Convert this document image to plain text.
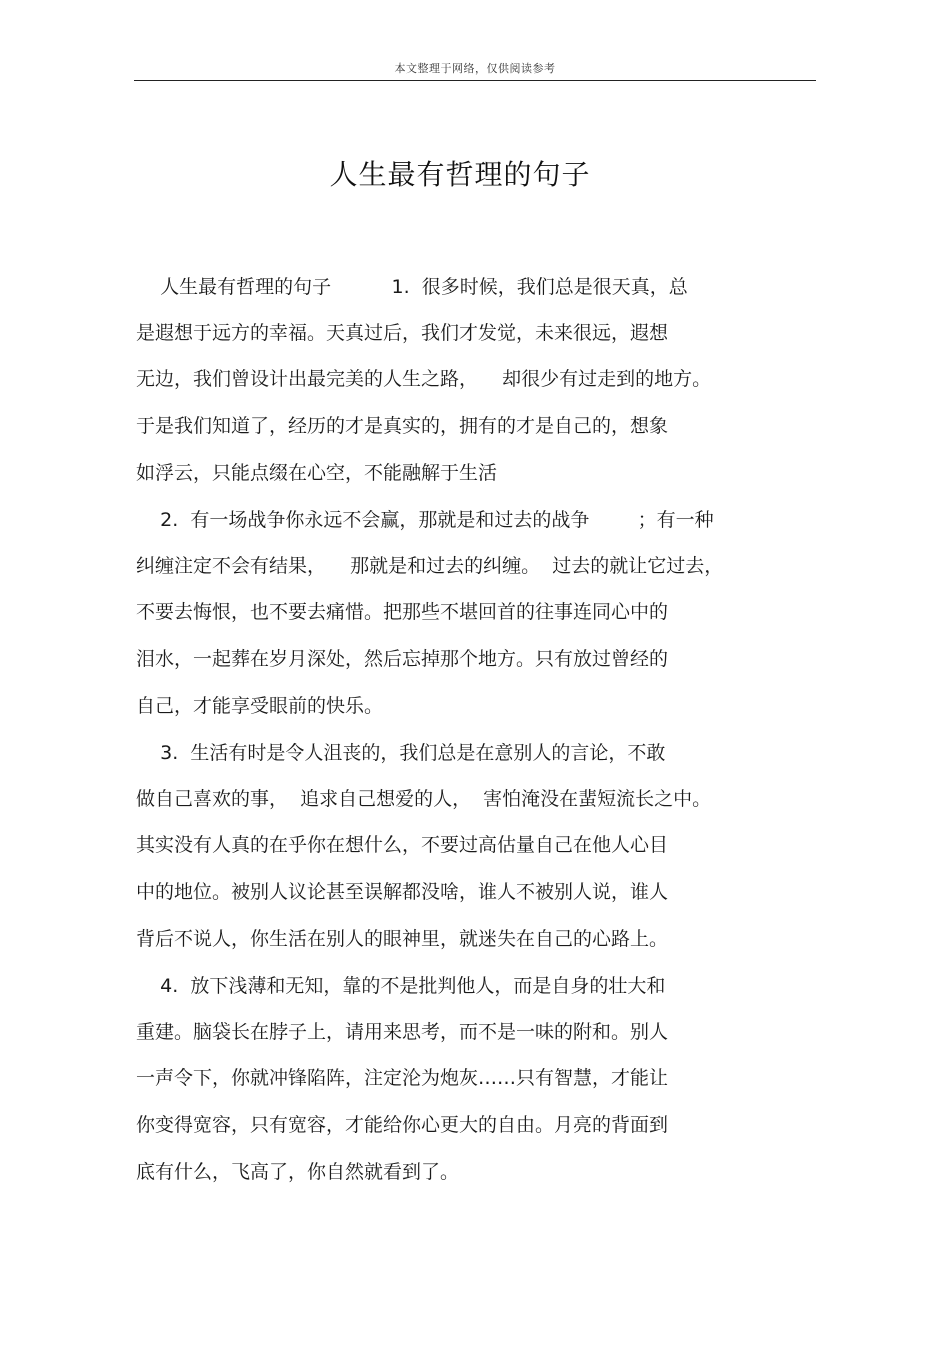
本文整理于网络，仅供阅读参考
人生最有哲理的句子
人生最有哲理的句子          1.  很多时候，我们总是很天真，总
是遐想于远方的幸福。天真过后，我们才发觉，未来很远，遐想
无边，我们曾设计出最完美的人生之路，    却很少有过走到的地方。
于是我们知道了，经历的才是真实的，拥有的才是自己的，想象
如浮云，只能点缀在心空，不能融解于生活
2.  有一场战争你永远不会赢，那就是和过去的战争        ；有一种
纠缠注定不会有结果，    那就是和过去的纠缠。  过去的就让它过去，
不要去悔恨，也不要去痛惜。把那些不堪回首的往事连同心中的
泪水，一起葬在岁月深处，然后忘掉那个地方。只有放过曾经的
自己，才能享受眼前的快乐。
3.  生活有时是令人沮丧的，我们总是在意别人的言论，不敢
做自己喜欢的事，  追求自己想爱的人，  害怕淹没在蜚短流长之中。
其实没有人真的在乎你在想什么，不要过高估量自己在他人心目
中的地位。被别人议论甚至误解都没啥，谁人不被别人说，谁人
背后不说人，你生活在别人的眼神里，就迷失在自己的心路上。
4.  放下浅薄和无知，靠的不是批判他人，而是自身的壮大和
重建。脑袋长在脖子上，请用来思考，而不是一味的附和。别人
一声令下，你就冲锋陷阵，注定沦为炮灰……只有智慧，才能让
你变得宽容，只有宽容，才能给你心更大的自由。月亮的背面到
底有什么，飞高了，你自然就看到了。
